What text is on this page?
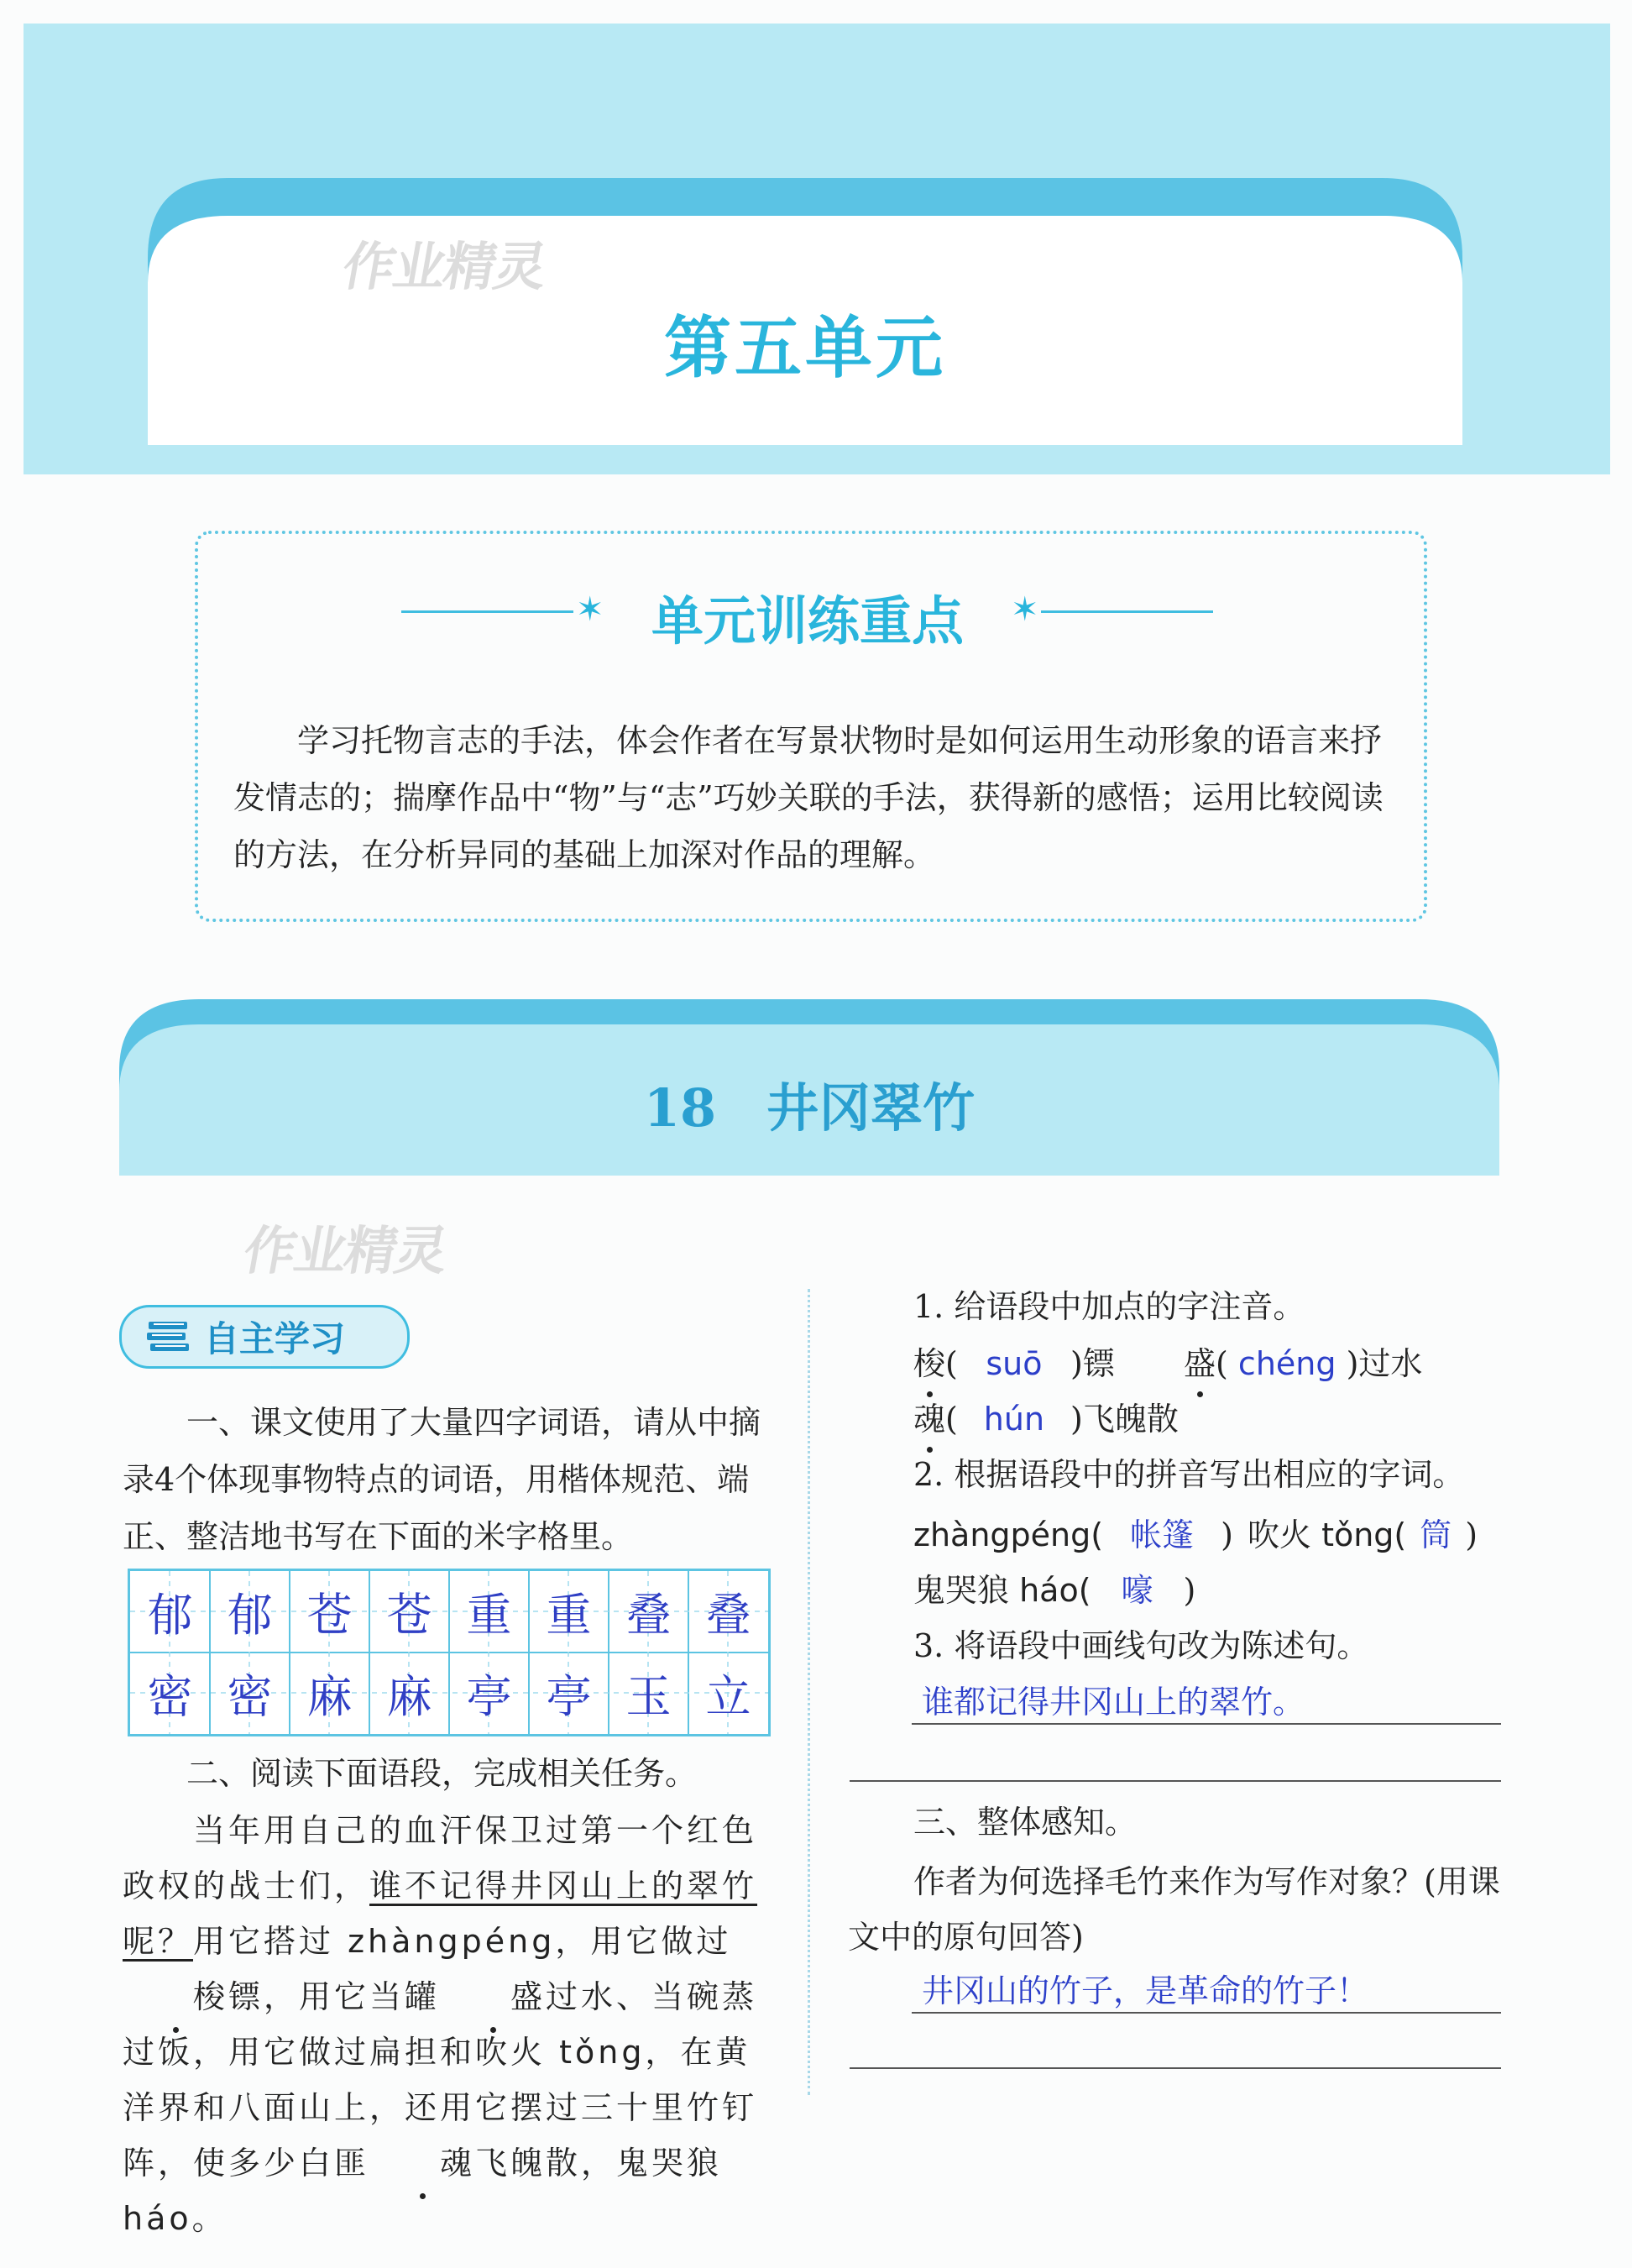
作业精灵
第五单元
✶ 单元训练重点	✶
学习托物言志的手法，体会作者在写景状物时是如何运用生动形象的语言来抒发情志的；揣摩作品中“物”与“志”巧妙关联的手法，获得新的感悟；运用比较阅读的方法，在分析异同的基础上加深对作品的理解。
18 井冈翠竹
作业精灵
自主学习
一、课文使用了大量四字词语，请从中摘录4个体现事物特点的词语，用楷体规范、端正、整洁地书写在下面的米字格里。
郁 郁 苍 苍 重 重 叠 叠
密 密 麻 麻 亭 亭 玉 立
二、阅读下面语段，完成相关任务。
当年用自己的血汗保卫过第一个红色政权的战士们，谁不记得井冈山上的翠竹呢？用它搭过 zhàngpéng，用它做过梭镖，用它当罐 盛过水、当碗蒸过饭，用它做过扁担和吹火 tǒng，在黄洋界和八面山上，还用它摆过三十里竹钉阵，使多少白匪 魂飞魄散，鬼哭狼 háo。
1. 给语段中加点的字注音。
梭( suō )镖 盛( chéng )过水
魂( hún )飞魄散
2. 根据语段中的拼音写出相应的字词。
zhàngpéng( 帐篷 ) 吹火 tǒng( 筒 )
鬼哭狼 háo( 嚎 )
3. 将语段中画线句改为陈述句。
谁都记得井冈山上的翠竹。
三、整体感知。
作者为何选择毛竹来作为写作对象？(用课文中的原句回答)
井冈山的竹子，是革命的竹子！
